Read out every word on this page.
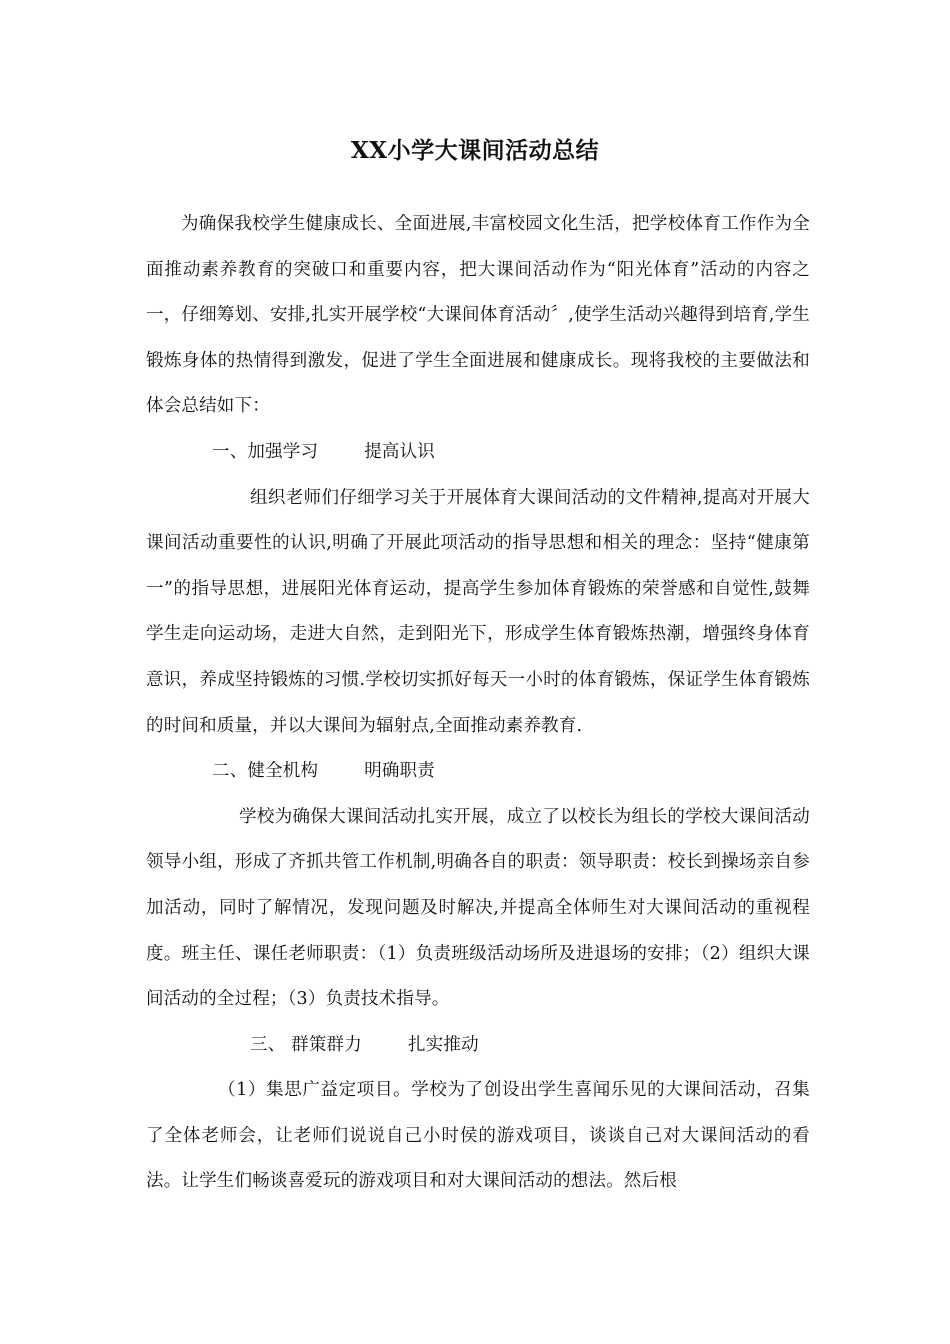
XX小学大课间活动总结

为确保我校学生健康成长、全面进展,丰富校园文化生活，把学校体育工作作为全面推动素养教育的突破口和重要内容，把大课间活动作为“阳光体育”活动的内容之一，仔细筹划、安排,扎实开展学校“大课间体育活动〞,使学生活动兴趣得到培育,学生锻炼身体的热情得到激发，促进了学生全面进展和健康成长。现将我校的主要做法和体会总结如下：

一、加强学习	提高认识

组织老师们仔细学习关于开展体育大课间活动的文件精神,提高对开展大课间活动重要性的认识,明确了开展此项活动的指导思想和相关的理念：坚持“健康第一”的指导思想，进展阳光体育运动，提高学生参加体育锻炼的荣誉感和自觉性,鼓舞学生走向运动场，走进大自然，走到阳光下，形成学生体育锻炼热潮，增强终身体育意识，养成坚持锻炼的习惯.学校切实抓好每天一小时的体育锻炼，保证学生体育锻炼的时间和质量，并以大课间为辐射点,全面推动素养教育.

二、健全机构	明确职责

学校为确保大课间活动扎实开展，成立了以校长为组长的学校大课间活动领导小组，形成了齐抓共管工作机制,明确各自的职责：领导职责：校长到操场亲自参加活动，同时了解情况，发现问题及时解决,并提高全体师生对大课间活动的重视程度。班主任、课任老师职责：（1）负责班级活动场所及进退场的安排；（2）组织大课间活动的全过程；（3）负责技术指导。

三、 群策群力	扎实推动

（1）集思广益定项目。学校为了创设出学生喜闻乐见的大课间活动，召集了全体老师会，让老师们说说自己小时侯的游戏项目，谈谈自己对大课间活动的看法。让学生们畅谈喜爱玩的游戏项目和对大课间活动的想法。然后根
